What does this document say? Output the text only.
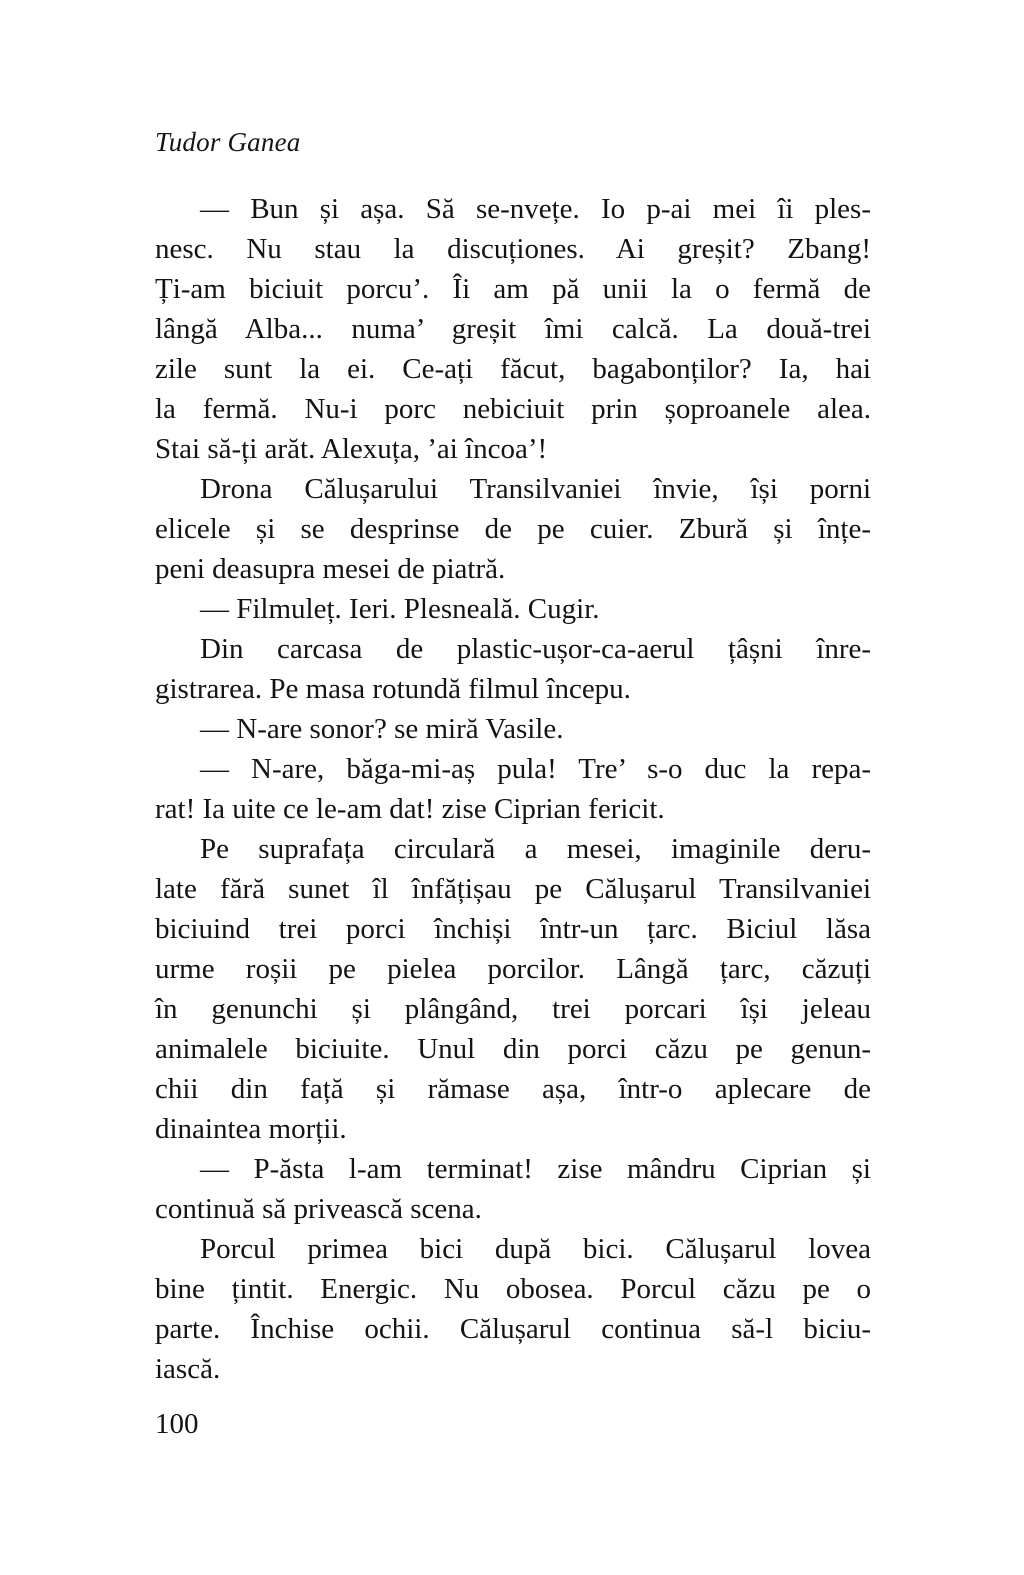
Tudor Ganea
— Bun și așa. Să se-nvețe. Io p-ai mei îi ples-
nesc. Nu stau la discuționes. Ai greșit? Zbang!
Ți-am biciuit porcu’. Îi am pă unii la o fermă de
lângă Alba... numa’ greșit îmi calcă. La două-trei
zile sunt la ei. Ce-ați făcut, bagabonților? Ia, hai
la fermă. Nu-i porc nebiciuit prin șoproanele alea.
Stai să-ți arăt. Alexuța, ’ai încoa’!
Drona Călușarului Transilvaniei învie, își porni
elicele și se desprinse de pe cuier. Zbură și înțe-
peni deasupra mesei de piatră.
— Filmuleț. Ieri. Plesneală. Cugir.
Din carcasa de plastic-ușor-ca-aerul țâșni înre-
gistrarea. Pe masa rotundă filmul începu.
— N-are sonor? se miră Vasile.
— N-are, băga-mi-aș pula! Tre’ s-o duc la repa-
rat! Ia uite ce le-am dat! zise Ciprian fericit.
Pe suprafața circulară a mesei, imaginile deru-
late fără sunet îl înfățișau pe Călușarul Transilvaniei
biciuind trei porci închiși într-un țarc. Biciul lăsa
urme roșii pe pielea porcilor. Lângă țarc, căzuți
în genunchi și plângând, trei porcari își jeleau
animalele biciuite. Unul din porci căzu pe genun-
chii din față și rămase așa, într-o aplecare de
dinaintea morții.
— P-ăsta l-am terminat! zise mândru Ciprian și
continuă să privească scena.
Porcul primea bici după bici. Călușarul lovea
bine țintit. Energic. Nu obosea. Porcul căzu pe o
parte. Închise ochii. Călușarul continua să-l biciu-
iască.
100
